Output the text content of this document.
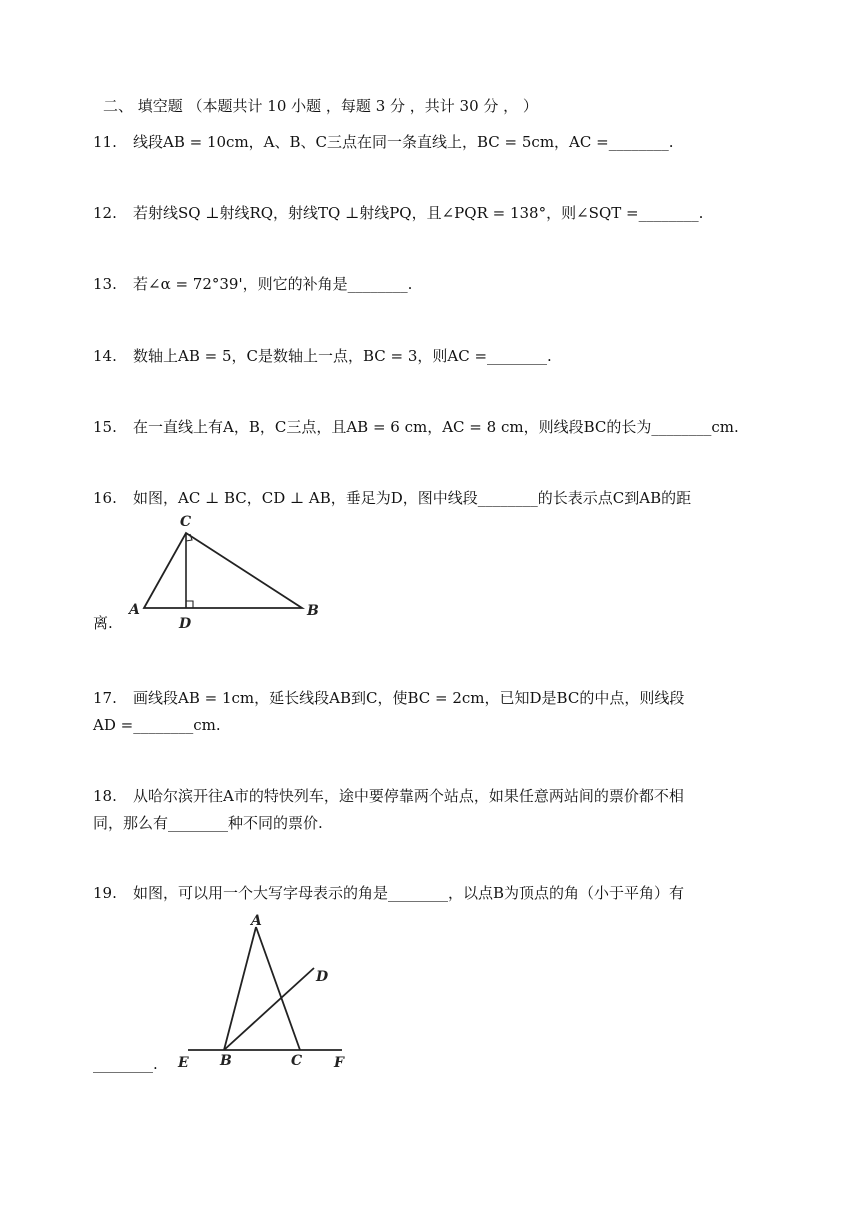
二、 填空题 （本题共计 10 小题 ，每题 3 分 ，共计 30 分 ， ）
11. 线段AB = 10cm，A、B、C三点在同一条直线上，BC = 5cm，AC =________.
12. 若射线SQ ⊥射线RQ，射线TQ ⊥射线PQ，且∠PQR = 138°，则∠SQT =________.
13. 若∠α = 72°39'，则它的补角是________.
14. 数轴上AB = 5，C是数轴上一点，BC = 3，则AC =________.
15. 在一直线上有A，B，C三点，且AB = 6 cm，AC = 8 cm，则线段BC的长为________cm.
16. 如图，AC ⊥ BC，CD ⊥ AB，垂足为D，图中线段________的长表示点C到AB的距
C
A
D
B
离.
17. 画线段AB = 1cm，延长线段AB到C，使BC = 2cm，已知D是BC的中点，则线段
AD =________cm.
18. 从哈尔滨开往A市的特快列车，途中要停靠两个站点，如果任意两站间的票价都不相
同，那么有________种不同的票价.
19. 如图，可以用一个大写字母表示的角是________，以点B为顶点的角（小于平角）有
A
D
E B	C F
________.
